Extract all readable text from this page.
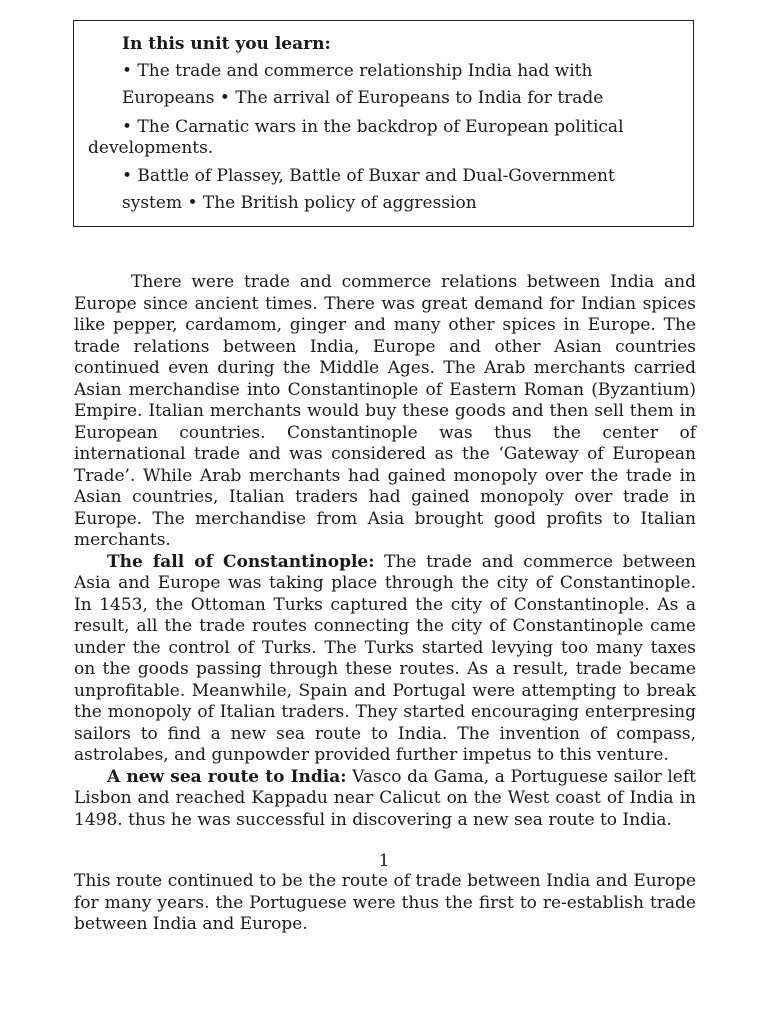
In this unit you learn:
• The trade and commerce relationship India had with
Europeans • The arrival of Europeans to India for trade
• The Carnatic wars in the backdrop of European political
developments.
• Battle of Plassey, Battle of Buxar and Dual-Government
system • The British policy of aggression

There were trade and commerce relations between India and Europe since ancient times. There was great demand for Indian spices like pepper, cardamom, ginger and many other spices in Europe. The trade relations between India, Europe and other Asian countries continued even during the Middle Ages. The Arab merchants carried Asian merchandise into Constantinople of Eastern Roman (Byzantium) Empire. Italian merchants would buy these goods and then sell them in European countries. Constantinople was thus the center of international trade and was considered as the ‘Gateway of European Trade’. While Arab merchants had gained monopoly over the trade in Asian countries, Italian traders had gained monopoly over trade in Europe. The merchandise from Asia brought good profits to Italian merchants.

The fall of Constantinople: The trade and commerce between Asia and Europe was taking place through the city of Constantinople. In 1453, the Ottoman Turks captured the city of Constantinople. As a result, all the trade routes connecting the city of Constantinople came under the control of Turks. The Turks started levying too many taxes on the goods passing through these routes. As a result, trade became unprofitable. Meanwhile, Spain and Portugal were attempting to break the monopoly of Italian traders. They started encouraging enterpresing sailors to find a new sea route to India. The invention of compass, astrolabes, and gunpowder provided further impetus to this venture.

A new sea route to India: Vasco da Gama, a Portuguese sailor left Lisbon and reached Kappadu near Calicut on the West coast of India in 1498. thus he was successful in discovering a new sea route to India.

1

This route continued to be the route of trade between India and Europe for many years. the Portuguese were thus the first to re-establish trade between India and Europe.
